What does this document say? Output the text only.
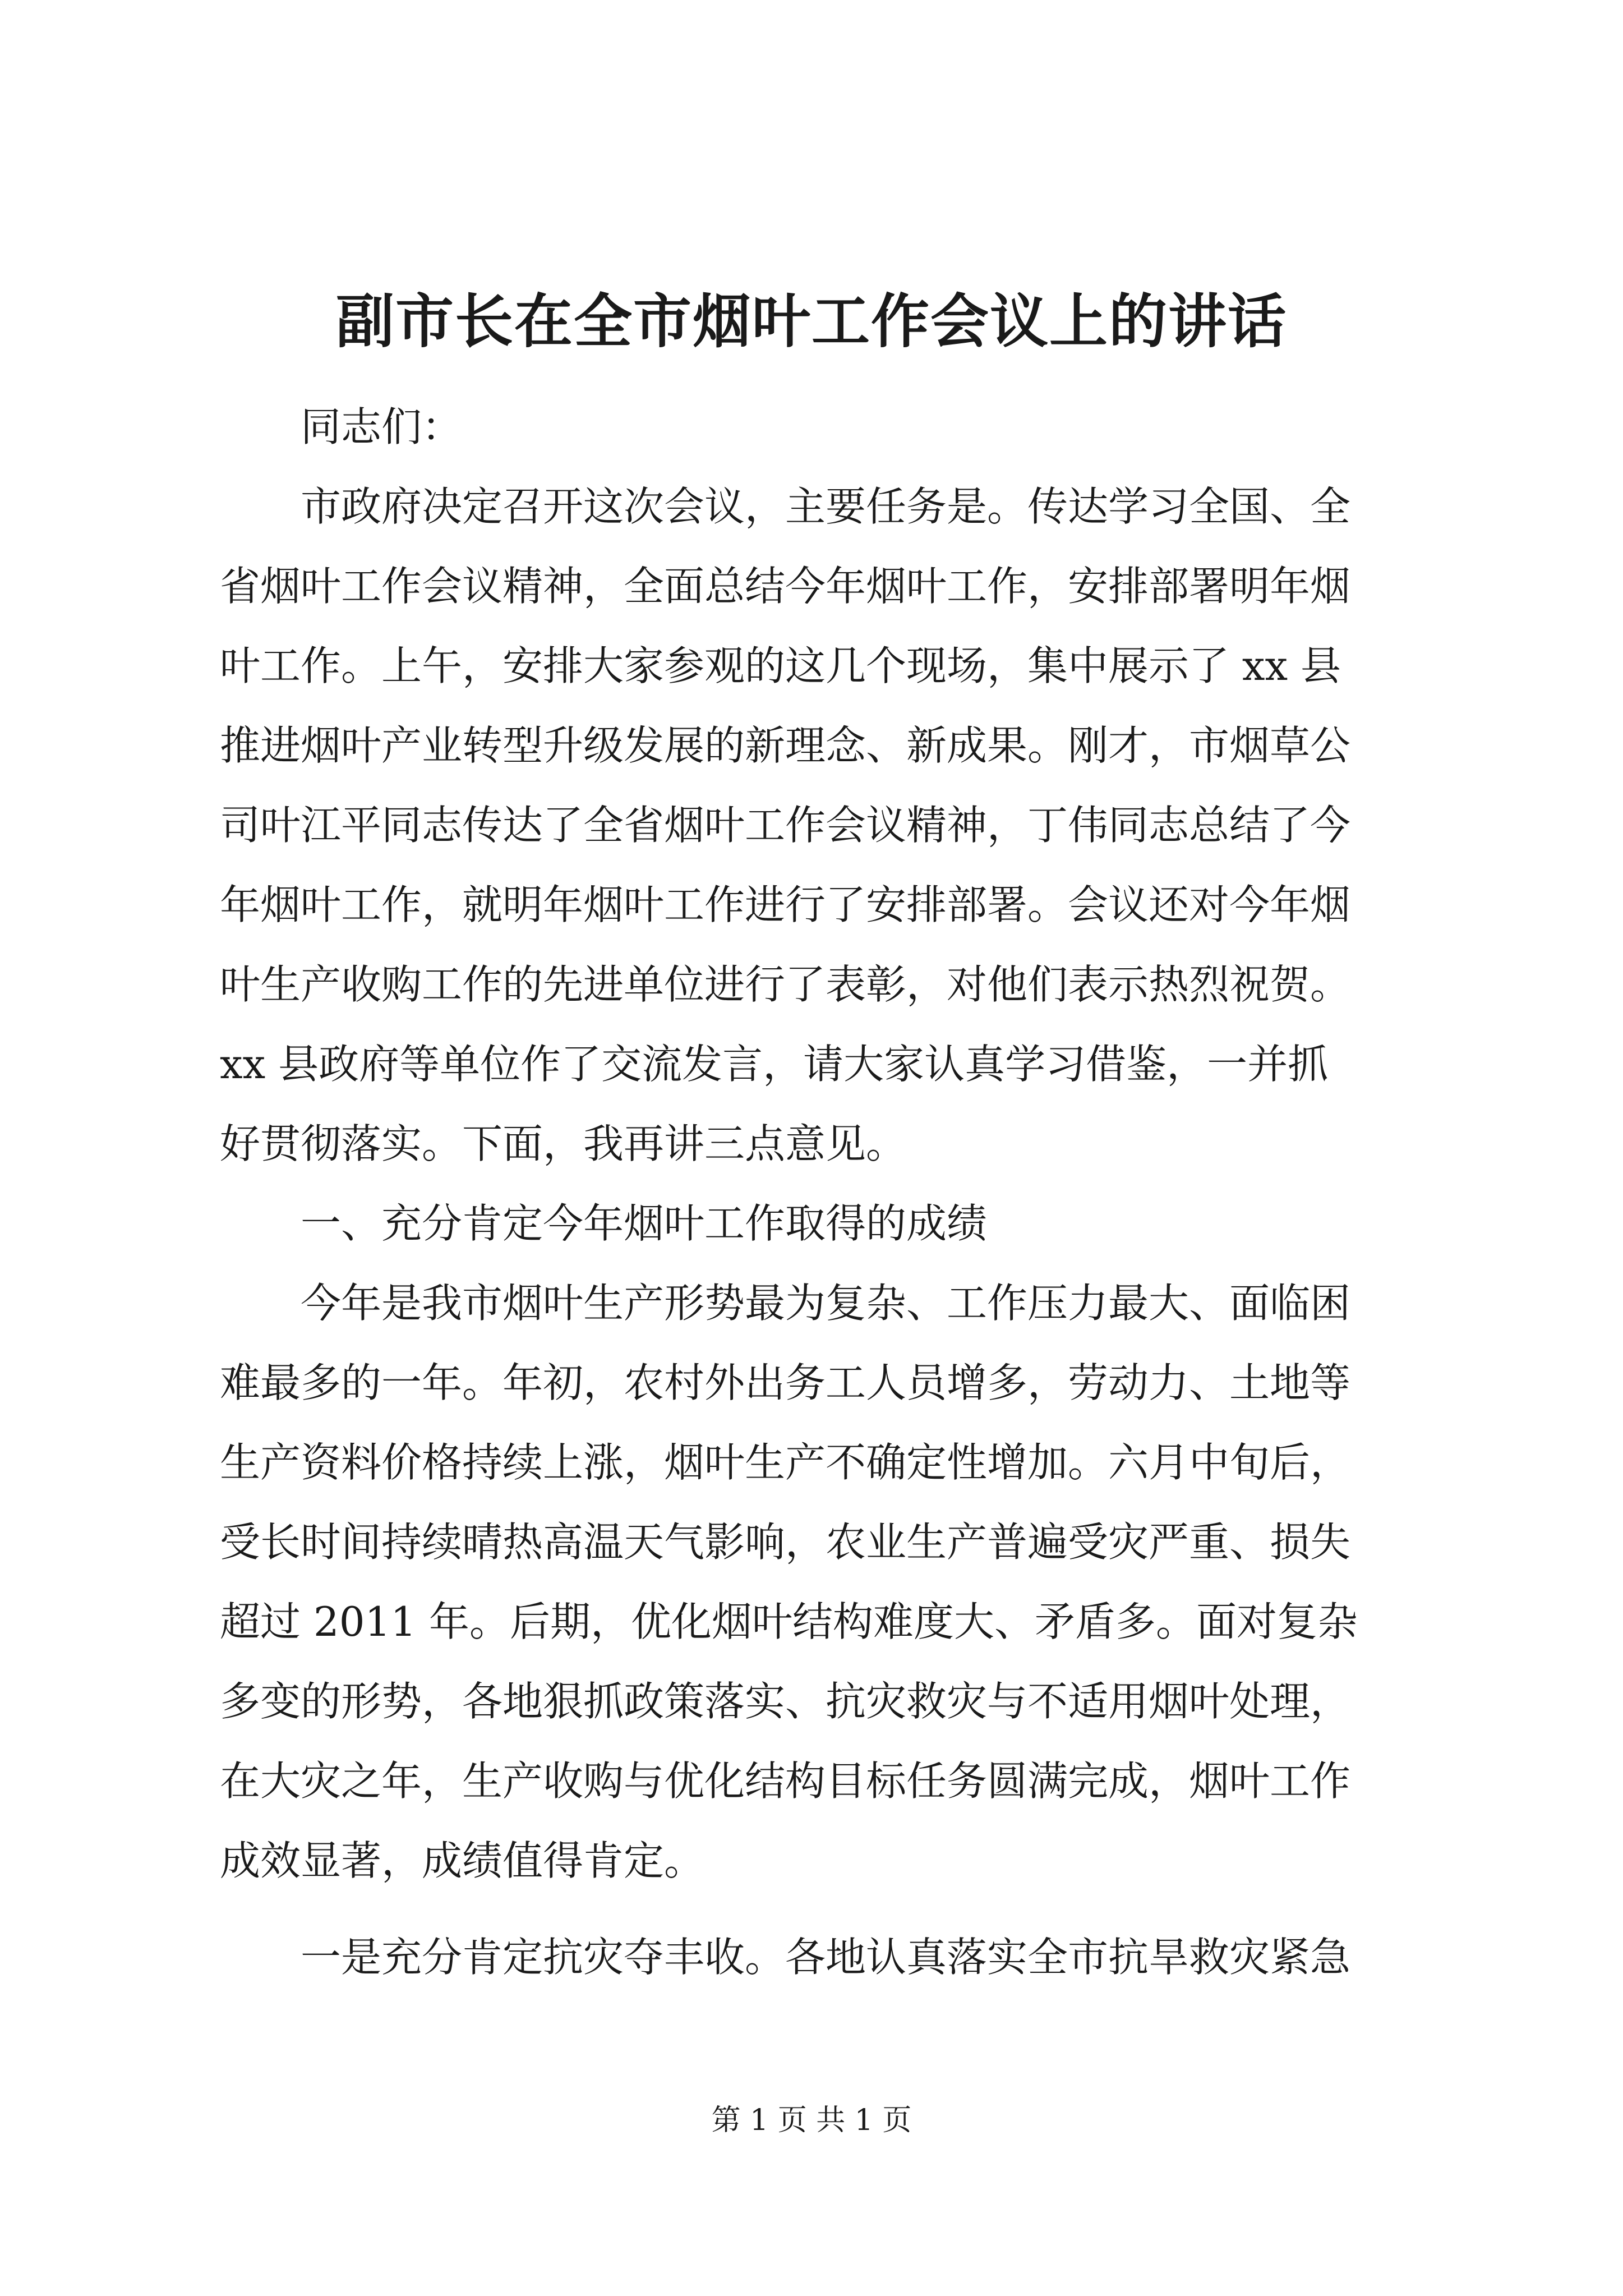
副市长在全市烟叶工作会议上的讲话
同志们：
市政府决定召开这次会议，主要任务是。传达学习全国、全
省烟叶工作会议精神，全面总结今年烟叶工作，安排部署明年烟
叶工作。上午，安排大家参观的这几个现场，集中展示了 xx 县
推进烟叶产业转型升级发展的新理念、新成果。刚才，市烟草公
司叶江平同志传达了全省烟叶工作会议精神，丁伟同志总结了今
年烟叶工作，就明年烟叶工作进行了安排部署。会议还对今年烟
叶生产收购工作的先进单位进行了表彰，对他们表示热烈祝贺。
xx 县政府等单位作了交流发言，请大家认真学习借鉴，一并抓
好贯彻落实。下面，我再讲三点意见。
一、充分肯定今年烟叶工作取得的成绩
今年是我市烟叶生产形势最为复杂、工作压力最大、面临困
难最多的一年。年初，农村外出务工人员增多，劳动力、土地等
生产资料价格持续上涨，烟叶生产不确定性增加。六月中旬后，
受长时间持续晴热高温天气影响，农业生产普遍受灾严重、损失
超过 2011 年。后期，优化烟叶结构难度大、矛盾多。面对复杂
多变的形势，各地狠抓政策落实、抗灾救灾与不适用烟叶处理，
在大灾之年，生产收购与优化结构目标任务圆满完成，烟叶工作
成效显著，成绩值得肯定。
一是充分肯定抗灾夺丰收。各地认真落实全市抗旱救灾紧急
第 1 页 共 1 页
